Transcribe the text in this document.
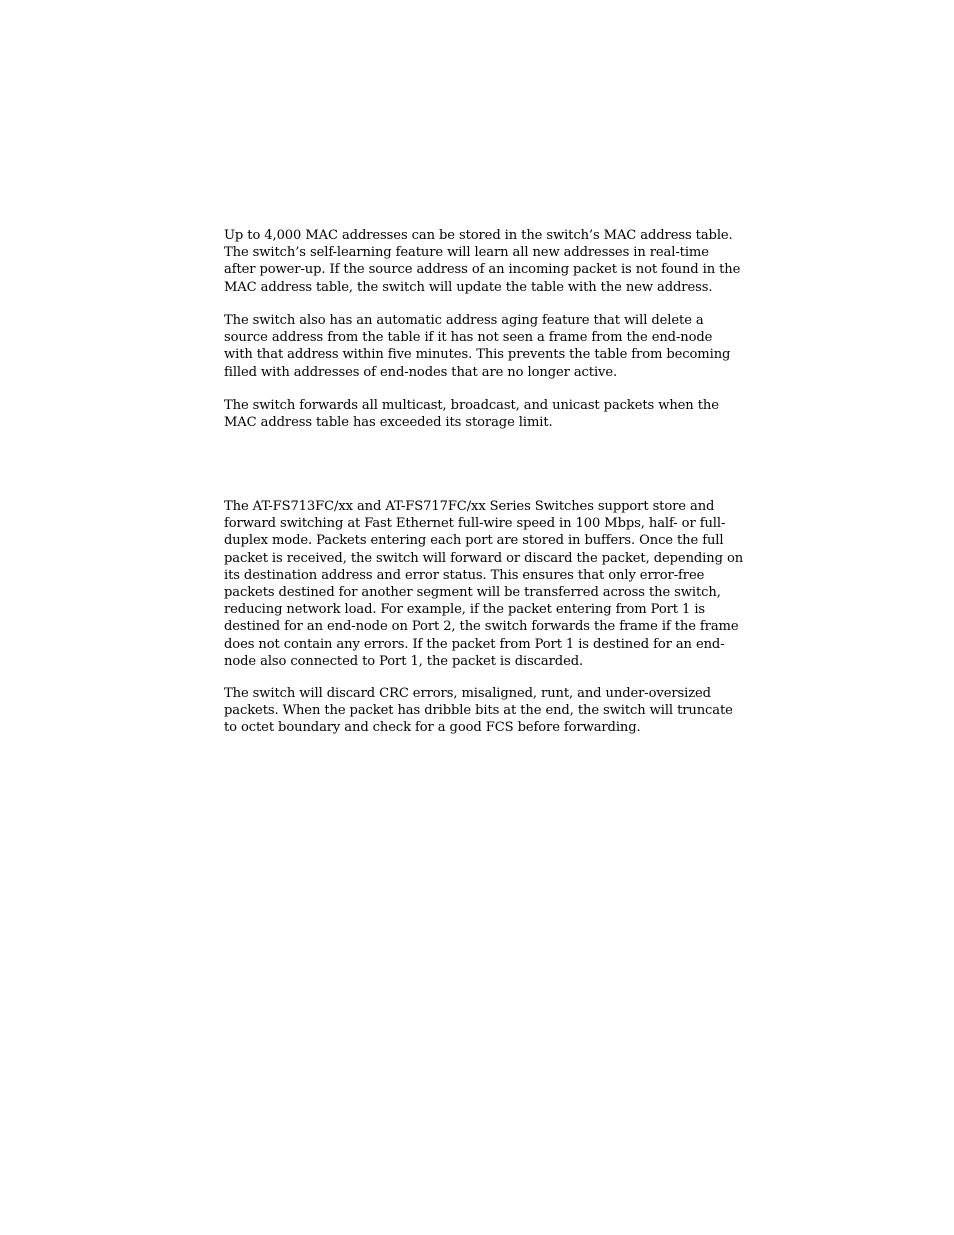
Up to 4,000 MAC addresses can be stored in the switch’s MAC address table.
The switch’s self-learning feature will learn all new addresses in real-time
after power-up. If the source address of an incoming packet is not found in the
MAC address table, the switch will update the table with the new address.
The switch also has an automatic address aging feature that will delete a
source address from the table if it has not seen a frame from the end-node
with that address within five minutes. This prevents the table from becoming
filled with addresses of end-nodes that are no longer active.
The switch forwards all multicast, broadcast, and unicast packets when the
MAC address table has exceeded its storage limit.
The AT-FS713FC/xx and AT-FS717FC/xx Series Switches support store and
forward switching at Fast Ethernet full-wire speed in 100 Mbps, half- or full-
duplex mode. Packets entering each port are stored in buffers. Once the full
packet is received, the switch will forward or discard the packet, depending on
its destination address and error status. This ensures that only error-free
packets destined for another segment will be transferred across the switch,
reducing network load. For example, if the packet entering from Port 1 is
destined for an end-node on Port 2, the switch forwards the frame if the frame
does not contain any errors. If the packet from Port 1 is destined for an end-
node also connected to Port 1, the packet is discarded.
The switch will discard CRC errors, misaligned, runt, and under-oversized
packets. When the packet has dribble bits at the end, the switch will truncate
to octet boundary and check for a good FCS before forwarding.
